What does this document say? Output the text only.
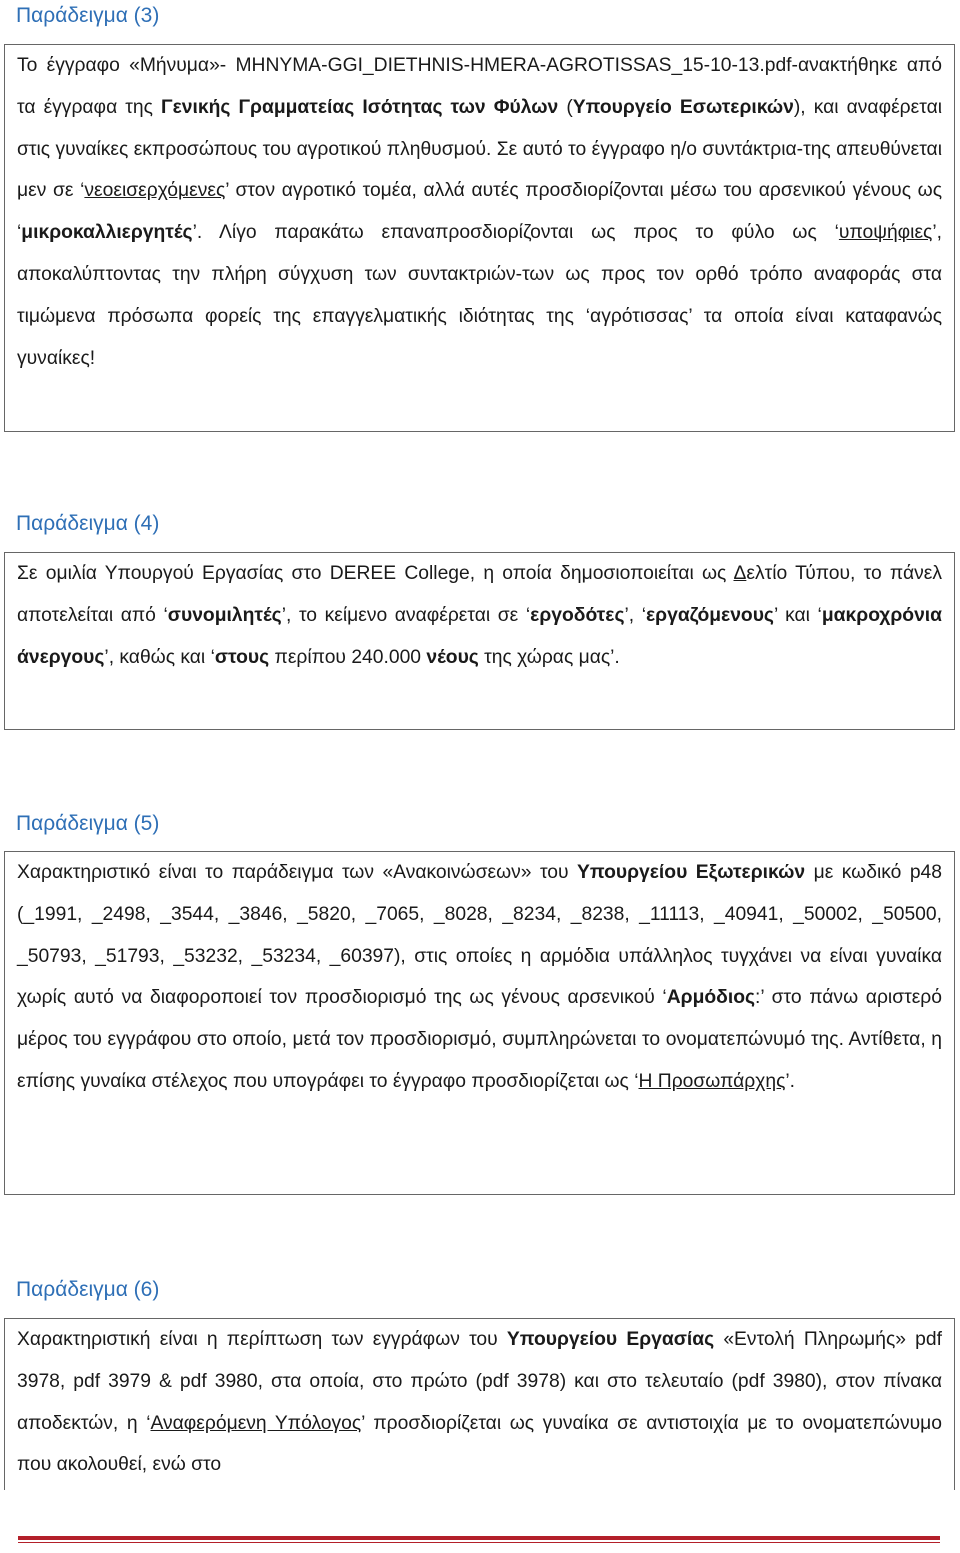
Παράδειγμα (3)

Το έγγραφο «Μήνυμα»- MHNYMA-GGI_DIETHNIS-HMERA-AGROTISSAS_15-10-13.pdf-ανακτήθηκε από τα έγγραφα της Γενικής Γραμματείας Ισότητας των Φύλων (Υπουργείο Εσωτερικών), και αναφέρεται στις γυναίκες εκπροσώπους του αγροτικού πληθυσμού. Σε αυτό το έγγραφο η/ο συντάκτρια-της απευθύνεται μεν σε ‘νεοεισερχόμενες’ στον αγροτικό τομέα, αλλά αυτές προσδιορίζονται μέσω του αρσενικού γένους ως ‘μικροκαλλιεργητές’. Λίγο παρακάτω επαναπροσδιορίζονται ως προς το φύλο ως ‘υποψήφιες’, αποκαλύπτοντας την πλήρη σύγχυση των συντακτριών-των ως προς τον ορθό τρόπο αναφοράς στα τιμώμενα πρόσωπα φορείς της επαγγελματικής ιδιότητας της ‘αγρότισσας’ τα οποία είναι καταφανώς γυναίκες!

Παράδειγμα (4)

Σε ομιλία Υπουργού Εργασίας στο DEREE College, η οποία δημοσιοποιείται ως Δελτίο Τύπου, το πάνελ αποτελείται από ‘συνομιλητές’, το κείμενο αναφέρεται σε ‘εργοδότες’, ‘εργαζόμενους’ και ‘μακροχρόνια άνεργους’, καθώς και ‘στους περίπου 240.000 νέους της χώρας μας’.

Παράδειγμα (5)

Χαρακτηριστικό είναι το παράδειγμα των «Ανακοινώσεων» του Υπουργείου Εξωτερικών με κωδικό p48 (_1991, _2498, _3544, _3846, _5820, _7065, _8028, _8234, _8238, _11113, _40941, _50002, _50500, _50793, _51793, _53232, _53234, _60397), στις οποίες η αρμόδια υπάλληλος τυγχάνει να είναι γυναίκα χωρίς αυτό να διαφοροποιεί τον προσδιορισμό της ως γένους αρσενικού ‘Αρμόδιος:’ στο πάνω αριστερό μέρος του εγγράφου στο οποίο, μετά τον προσδιορισμό, συμπληρώνεται το ονοματεπώνυμό της. Αντίθετα, η επίσης γυναίκα στέλεχος που υπογράφει το έγγραφο προσδιορίζεται ως ‘Η Προσωπάρχης’.

Παράδειγμα (6)

Χαρακτηριστική είναι η περίπτωση των εγγράφων του Υπουργείου Εργασίας «Εντολή Πληρωμής» pdf 3978, pdf 3979 & pdf 3980, στα οποία, στο πρώτο (pdf 3978) και στο τελευταίο (pdf 3980), στον πίνακα αποδεκτών, η ‘Αναφερόμενη Υπόλογος’ προσδιορίζεται ως γυναίκα σε αντιστοιχία με το ονοματεπώνυμο που ακολουθεί, ενώ στο
